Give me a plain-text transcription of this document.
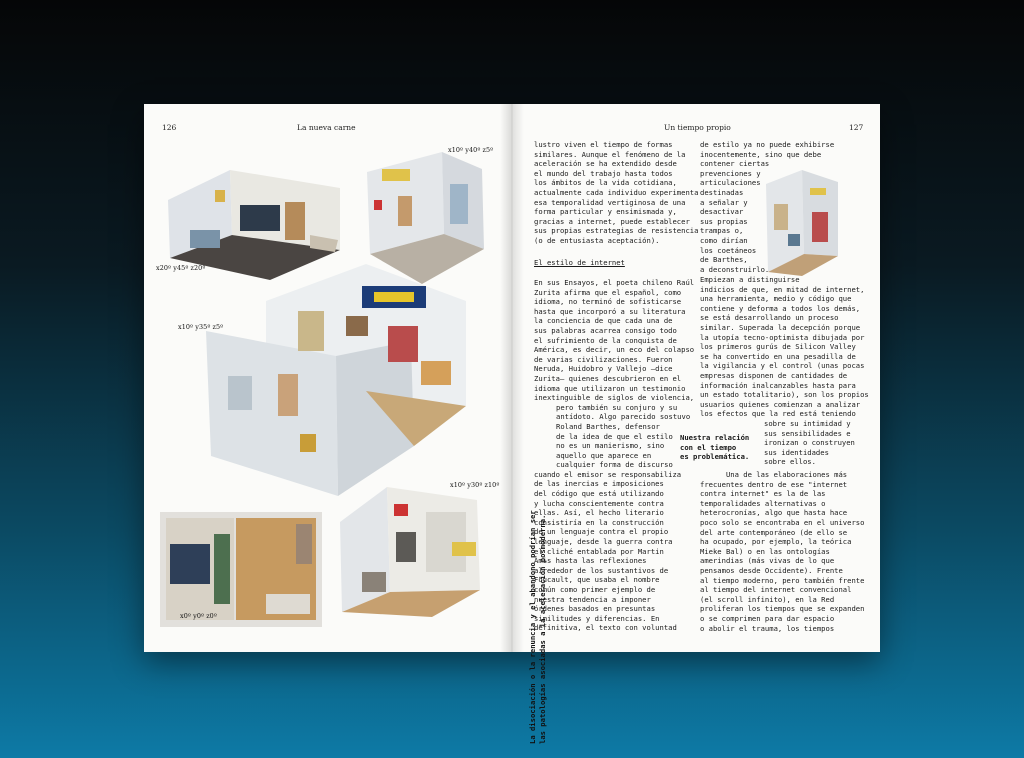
126	La nueva carne
x20º y45º z20º
x10º y40º z5º
x10º y35º z5º
x0º y0º z0º
x10º y30º z10º
Un tiempo propio	127
lustro viven el tiempo de formas
similares. Aunque el fenómeno de la
aceleración se ha extendido desde
el mundo del trabajo hasta todos
los ámbitos de la vida cotidiana,
actualmente cada individuo experimenta
esa temporalidad vertiginosa de una
forma particular y ensimismada y,
gracias a internet, puede establecer
sus propias estrategias de resistencia
(o de entusiasta aceptación).
El estilo de internet
En sus Ensayos, el poeta chileno Raúl
Zurita afirma que el español, como
idioma, no terminó de sofisticarse
hasta que incorporó a su literatura
la conciencia de que cada una de
sus palabras acarrea consigo todo
el sufrimiento de la conquista de
América, es decir, un eco del colapso
de varias civilizaciones. Fueron
Neruda, Huidobro y Vallejo –dice
Zurita– quienes descubrieron en el
idioma que utilizaron un testimonio
inextinguible de siglos de violencia,
pero también su conjuro y su
antídoto. Algo parecido sostuvo
Roland Barthes, defensor
de la idea de que el estilo
no es un manierismo, sino
aquello que aparece en
cualquier forma de discurso
cuando el emisor se responsabiliza
de las inercias e imposiciones
del código que está utilizando
y lucha conscientemente contra
ellas. Así, el hecho literario
consistiría en la construcción
de un lenguaje contra el propio
lenguaje, desde la guerra contra
el cliché entablada por Martin
Amis hasta las reflexiones
alrededor de los sustantivos de
Foucault, que usaba el nombre
común como primer ejemplo de
nuestra tendencia a imponer
órdenes basados en presuntas
similitudes y diferencias. En
definitiva, el texto con voluntad
Nuestra relación
con el tiempo
es problemática.
La disociación o la renuncia y el abandono podrían ser las patologías asociadas a la aceleración posmoderna.
de estilo ya no puede exhibirse
inocentemente, sino que debe
contener ciertas
prevenciones y
articulaciones
destinadas
a señalar y
desactivar
sus propias
trampas o,
como dirían
los coetáneos
de Barthes,
a deconstruirlo.
Empiezan a distinguirse
indicios de que, en mitad de internet,
una herramienta, medio y código que
contiene y deforma a todos los demás,
se está desarrollando un proceso
similar. Superada la decepción porque
la utopía tecno-optimista dibujada por
los primeros gurús de Silicon Valley
se ha convertido en una pesadilla de
la vigilancia y el control (unas pocas
empresas disponen de cantidades de
información inalcanzables hasta para
un estado totalitario), son los propios
usuarios quienes comienzan a analizar
los efectos que la red está teniendo
sobre su intimidad y
sus sensibilidades e
ironizan o construyen
sus identidades
sobre ellos.
Una de las elaboraciones más
frecuentes dentro de ese "internet
contra internet" es la de las
temporalidades alternativas o
heterocronías, algo que hasta hace
poco solo se encontraba en el universo
del arte contemporáneo (de ello se
ha ocupado, por ejemplo, la teórica
Mieke Bal) o en las ontologías
amerindias (más vivas de lo que
pensamos desde Occidente). Frente
al tiempo moderno, pero también frente
al tiempo del internet convencional
(el scroll infinito), en la Red
proliferan los tiempos que se expanden
o se comprimen para dar espacio
o abolir el trauma, los tiempos
